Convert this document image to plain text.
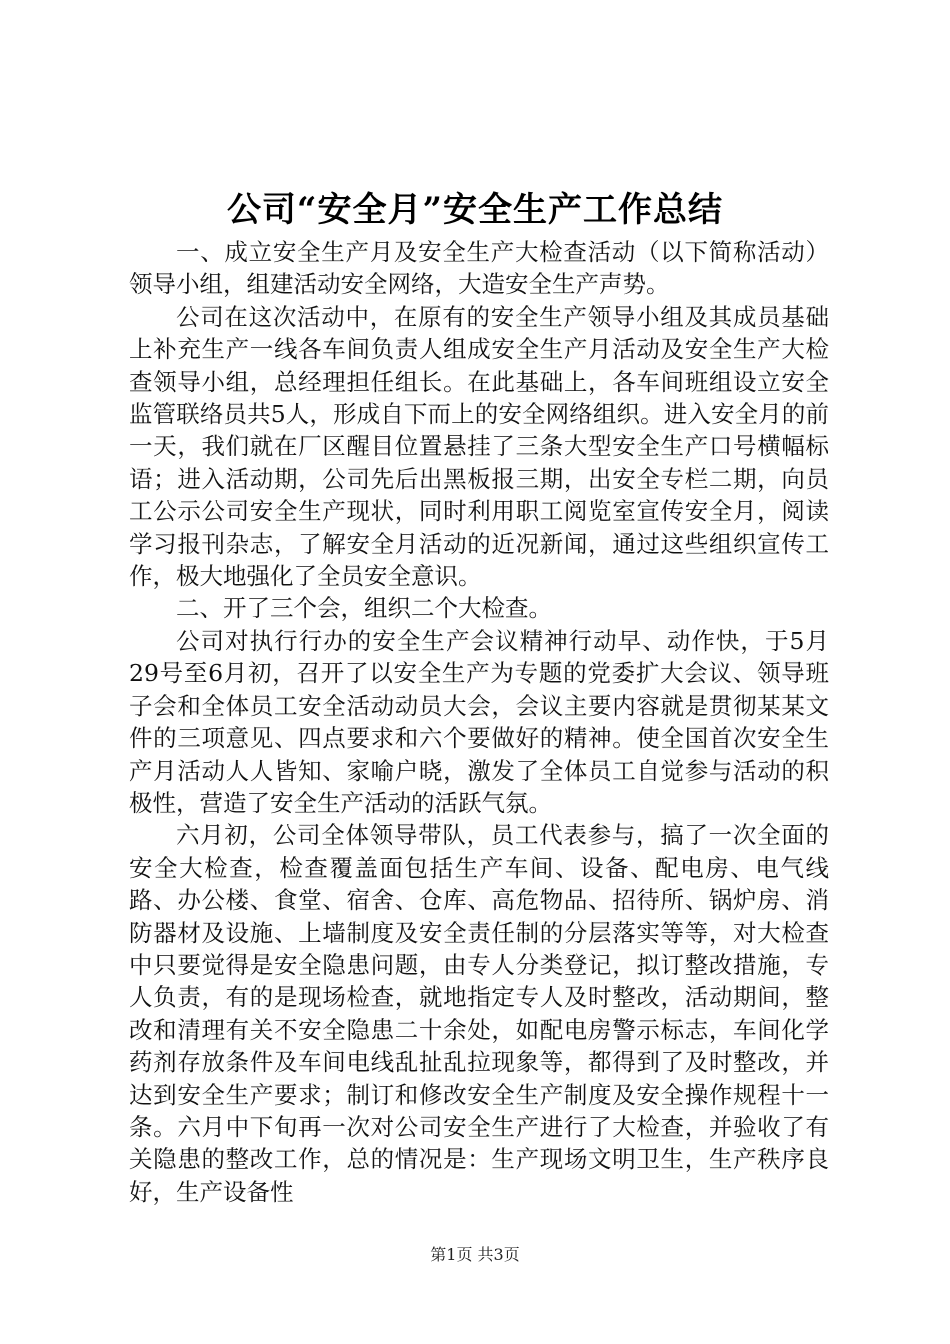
公司“安全月”安全生产工作总结

一、成立安全生产月及安全生产大检查活动（以下简称活动）领导小组，组建活动安全网络，大造安全生产声势。

公司在这次活动中，在原有的安全生产领导小组及其成员基础上补充生产一线各车间负责人组成安全生产月活动及安全生产大检查领导小组，总经理担任组长。在此基础上，各车间班组设立安全监管联络员共5人，形成自下而上的安全网络组织。进入安全月的前一天，我们就在厂区醒目位置悬挂了三条大型安全生产口号横幅标语；进入活动期，公司先后出黑板报三期，出安全专栏二期，向员工公示公司安全生产现状，同时利用职工阅览室宣传安全月，阅读学习报刊杂志，了解安全月活动的近况新闻，通过这些组织宣传工作，极大地强化了全员安全意识。

二、开了三个会，组织二个大检查。

公司对执行行办的安全生产会议精神行动早、动作快，于5月29号至6月初，召开了以安全生产为专题的党委扩大会议、领导班子会和全体员工安全活动动员大会，会议主要内容就是贯彻某某文件的三项意见、四点要求和六个要做好的精神。使全国首次安全生产月活动人人皆知、家喻户晓，激发了全体员工自觉参与活动的积极性，营造了安全生产活动的活跃气氛。

六月初，公司全体领导带队，员工代表参与，搞了一次全面的安全大检查，检查覆盖面包括生产车间、设备、配电房、电气线路、办公楼、食堂、宿舍、仓库、高危物品、招待所、锅炉房、消防器材及设施、上墙制度及安全责任制的分层落实等等，对大检查中只要觉得是安全隐患问题，由专人分类登记，拟订整改措施，专人负责，有的是现场检查，就地指定专人及时整改，活动期间，整改和清理有关不安全隐患二十余处，如配电房警示标志，车间化学药剂存放条件及车间电线乱扯乱拉现象等，都得到了及时整改，并达到安全生产要求；制订和修改安全生产制度及安全操作规程十一条。六月中下旬再一次对公司安全生产进行了大检查，并验收了有关隐患的整改工作，总的情况是：生产现场文明卫生，生产秩序良好，生产设备性

第1页 共3页
